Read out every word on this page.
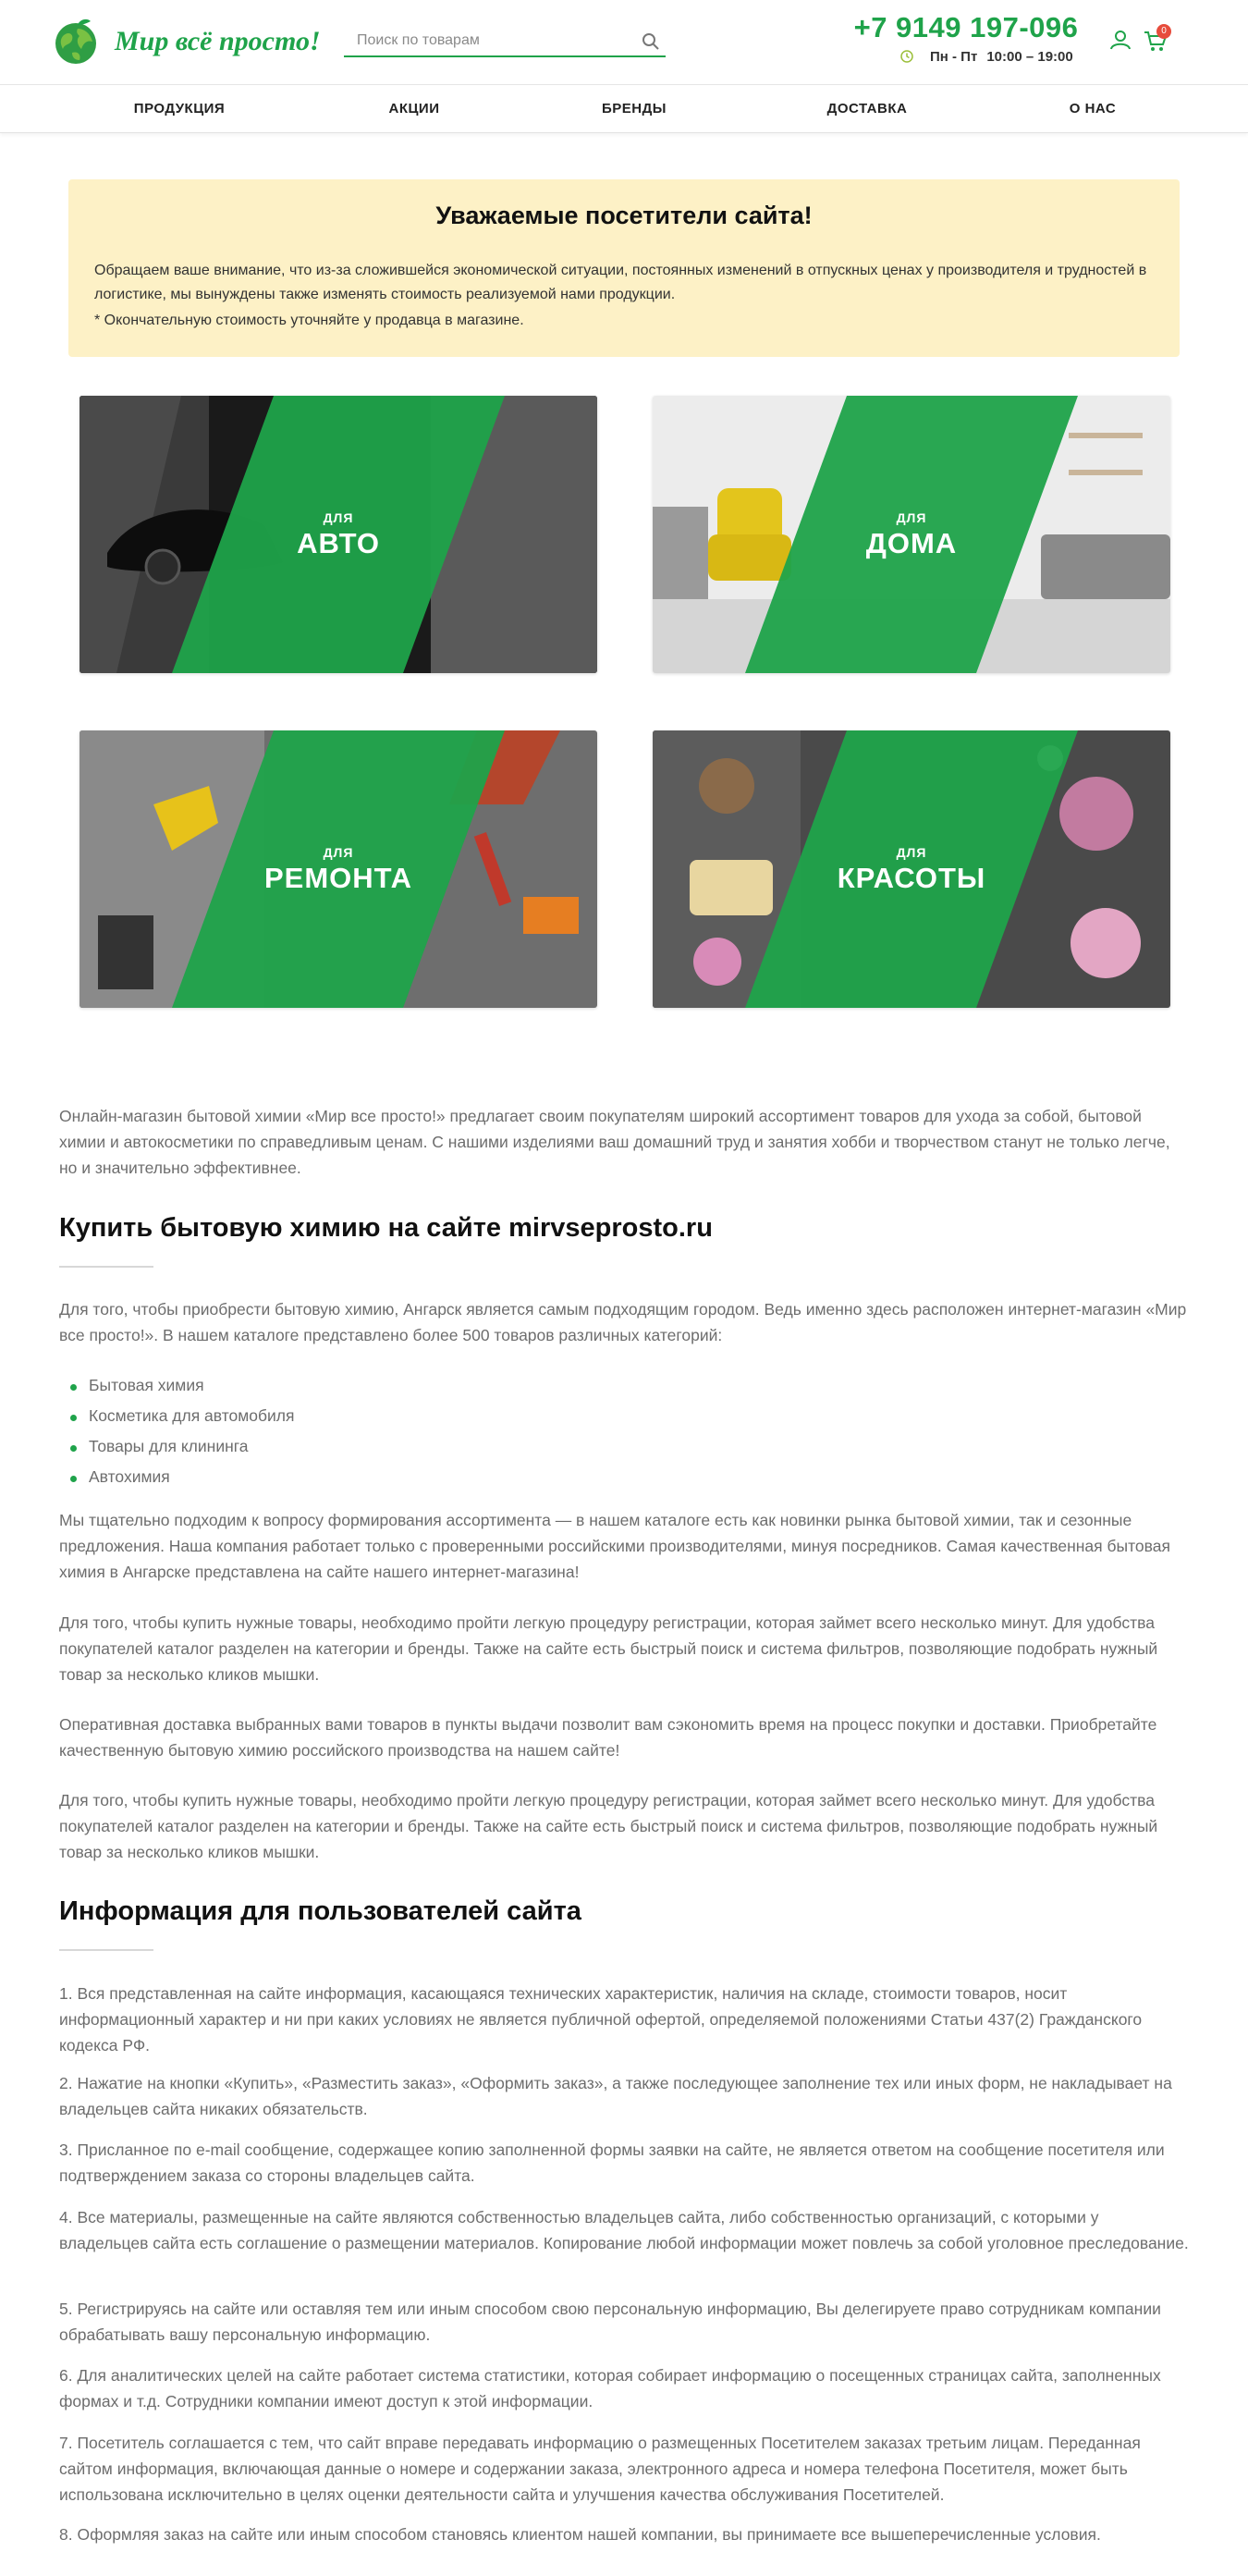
Мир всё просто!
Поиск по товарам	+7 9149 197-096
Пн - Пт 10:00 – 19:00
0
ПРОДУКЦИЯ	АКЦИИ	БРЕНДЫ	ДОСТАВКА	О НАС
Уважаемые посетители сайта!
Обращаем ваше внимание, что из-за сложившейся экономической ситуации, постоянных изменений в отпускных ценах у производителя и трудностей в логистике, мы вынуждены также изменять стоимость реализуемой нами продукции.
* Окончательную стоимость уточняйте у продавца в магазине.
ДЛЯ
АВТО
ДЛЯ
ДОМА
ДЛЯ
РЕМОНТА
ДЛЯ
КРАСОТЫ
Онлайн-магазин бытовой химии «Мир все просто!» предлагает своим покупателям широкий ассортимент товаров для ухода за собой, бытовой химии и автокосметики по справедливым ценам. С нашими изделиями ваш домашний труд и занятия хобби и творчеством станут не только легче, но и значительно эффективнее.
Купить бытовую химию на сайте mirvseprosto.ru
Для того, чтобы приобрести бытовую химию, Ангарск является самым подходящим городом. Ведь именно здесь расположен интернет-магазин «Мир все просто!». В нашем каталоге представлено более 500 товаров различных категорий:
Бытовая химия
Косметика для автомобиля
Товары для клининга
Автохимия
Мы тщательно подходим к вопросу формирования ассортимента — в нашем каталоге есть как новинки рынка бытовой химии, так и сезонные предложения. Наша компания работает только с проверенными российскими производителями, минуя посредников. Самая качественная бытовая химия в Ангарске представлена на сайте нашего интернет-магазина!
Для того, чтобы купить нужные товары, необходимо пройти легкую процедуру регистрации, которая займет всего несколько минут. Для удобства покупателей каталог разделен на категории и бренды. Также на сайте есть быстрый поиск и система фильтров, позволяющие подобрать нужный товар за несколько кликов мышки.
Оперативная доставка выбранных вами товаров в пункты выдачи позволит вам сэкономить время на процесс покупки и доставки. Приобретайте качественную бытовую химию российского производства на нашем сайте!
Для того, чтобы купить нужные товары, необходимо пройти легкую процедуру регистрации, которая займет всего несколько минут. Для удобства покупателей каталог разделен на категории и бренды. Также на сайте есть быстрый поиск и система фильтров, позволяющие подобрать нужный товар за несколько кликов мышки.
Информация для пользователей сайта
1. Вся представленная на сайте информация, касающаяся технических характеристик, наличия на складе, стоимости товаров, носит информационный характер и ни при каких условиях не является публичной офертой, определяемой положениями Статьи 437(2) Гражданского кодекса РФ.
2. Нажатие на кнопки «Купить», «Разместить заказ», «Оформить заказ», а также последующее заполнение тех или иных форм, не накладывает на владельцев сайта никаких обязательств.
3. Присланное по e-mail сообщение, содержащее копию заполненной формы заявки на сайте, не является ответом на сообщение посетителя или подтверждением заказа со стороны владельцев сайта.
4. Все материалы, размещенные на сайте являются собственностью владельцев сайта, либо собственностью организаций, с которыми у владельцев сайта есть соглашение о размещении материалов. Копирование любой информации может повлечь за собой уголовное преследование.
5. Регистрируясь на сайте или оставляя тем или иным способом свою персональную информацию, Вы делегируете право сотрудникам компании обрабатывать вашу персональную информацию.
6. Для аналитических целей на сайте работает система статистики, которая собирает информацию о посещенных страницах сайта, заполненных формах и т.д. Сотрудники компании имеют доступ к этой информации.
7. Посетитель соглашается с тем, что сайт вправе передавать информацию о размещенных Посетителем заказах третьим лицам. Переданная сайтом информация, включающая данные о номере и содержании заказа, электронного адреса и номера телефона Посетителя, может быть использована исключительно в целях оценки деятельности сайта и улучшения качества обслуживания Посетителей.
8. Оформляя заказ на сайте или иным способом становясь клиентом нашей компании, вы принимаете все вышеперечисленные условия.
